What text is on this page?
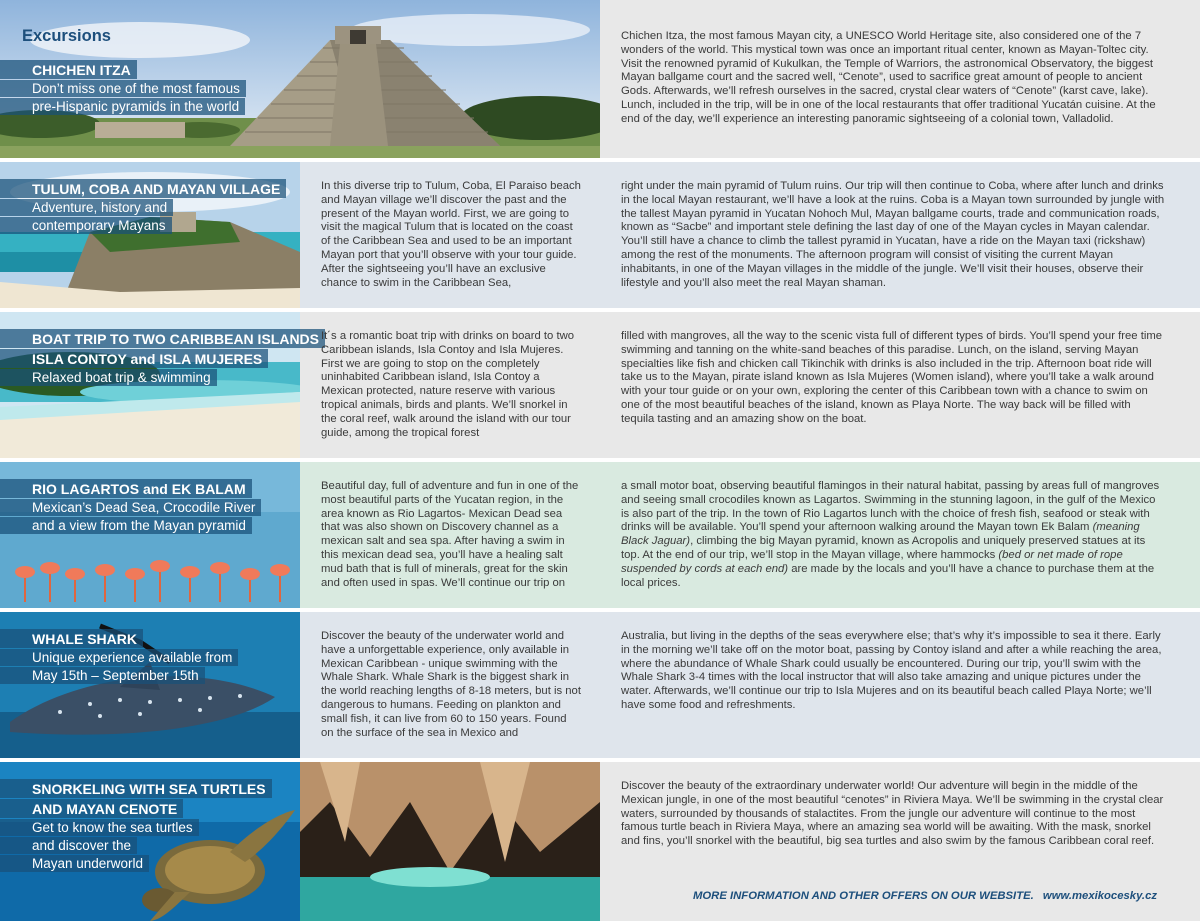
Excursions
CHICHEN ITZA
Don’t miss one of the most famous
pre-Hispanic pyramids in the world
Chichen Itza, the most famous Mayan city, a UNESCO World Heritage site, also considered one of the 7 wonders of the world. This mystical town was once an important ritual center, known as Mayan-Toltec city. Visit the renowned pyramid of Kukulkan, the Temple of Warriors, the astronomical Observatory, the biggest Mayan ballgame court and the sacred well, “Cenote”, used to sacrifice great amount of people to ancient Gods. Afterwards, we’ll refresh ourselves in the sacred, crystal clear waters of “Cenote” (karst cave, lake). Lunch, included in the trip, will be in one of the local restaurants that offer traditional Yucatán cuisine. At the end of the day, we’ll experience an interesting panoramic sightseeing of a colonial town, Valladolid.
TULUM, COBA AND MAYAN VILLAGE
Adventure, history and
contemporary Mayans
In this diverse trip to Tulum, Coba, El Paraiso beach and Mayan village we’ll discover the past and the present of the Mayan world. First, we are going to visit the magical Tulum that is located on the coast of the Caribbean Sea and used to be an important Mayan port that you’ll observe with your tour guide. After the sightseeing you’ll have an exclusive chance to swim in the Caribbean Sea,
right under the main pyramid of Tulum ruins. Our trip will then continue to Coba, where after lunch and drinks in the local Mayan restaurant, we’ll have a look at the ruins. Coba is a Mayan town surrounded by jungle with the tallest Mayan pyramid in Yucatan Nohoch Mul, Mayan ballgame courts, trade and communication roads, known as “Sacbe” and important stele defining the last day of one of the Mayan cycles in Mayan calendar. You’ll still have a chance to climb the tallest pyramid in Yucatan, have a ride on the Mayan taxi (rickshaw) among the rest of the monuments. The afternoon program will consist of visiting the current Mayan inhabitants, in one of the Mayan villages in the middle of the jungle. We’ll visit their houses, observe their lifestyle and you’ll also meet the real Mayan shaman.
BOAT TRIP TO TWO CARIBBEAN ISLANDS
ISLA CONTOY and ISLA MUJERES
Relaxed boat trip & swimming
It´s a romantic boat trip with drinks on board to two Caribbean islands, Isla Contoy and Isla Mujeres. First we are going to stop on the completely uninhabited Caribbean island, Isla Contoy a Mexican protected, nature reserve with various tropical animals, birds and plants. We’ll snorkel in the coral reef, walk around the island with our tour guide, among the tropical forest
filled with mangroves, all the way to the scenic vista full of different types of birds. You’ll spend your free time swimming and tanning on the white-sand beaches of this paradise. Lunch, on the island, serving Mayan specialties like fish and chicken call Tikinchik with drinks is also included in the trip. Afternoon boat ride will take us to the Mayan, pirate island known as Isla Mujeres (Women island), where you’ll take a walk around with your tour guide or on your own, exploring the center of this Caribbean town with a chance to swim on one of the most beautiful beaches of the island, known as Playa Norte. The way back will be filled with tequila tasting and an amazing show on the boat.
RIO LAGARTOS and EK BALAM
Mexican’s Dead Sea, Crocodile River
and a view from the Mayan pyramid
Beautiful day, full of adventure and fun in one of the most beautiful parts of the Yucatan region, in the area known as Rio Lagartos- Mexican Dead sea that was also shown on Discovery channel as a mexican salt and sea spa. After having a swim in this mexican dead sea, you’ll have a healing salt mud bath that is full of minerals, great for the skin and often used in spas. We’ll continue our trip on
a small motor boat, observing beautiful flamingos in their natural habitat, passing by areas full of mangroves and seeing small crocodiles known as Lagartos. Swimming in the stunning lagoon, in the gulf of the Mexico is also part of the trip. In the town of Rio Lagartos lunch with the choice of fresh fish, seafood or steak with drinks will be available. You’ll spend your afternoon walking around the Mayan town Ek Balam (meaning Black Jaguar), climbing the big Mayan pyramid, known as Acropolis and uniquely preserved statues at its top. At the end of our trip, we’ll stop in the Mayan village, where hammocks (bed or net made of rope suspended by cords at each end) are made by the locals and you’ll have a chance to purchase them at the local prices.
WHALE SHARK
Unique experience available from
May 15th – September 15th
Discover the beauty of the underwater world and have a unforgettable experience, only available in Mexican Caribbean - unique swimming with the Whale Shark. Whale Shark is the biggest shark in the world reaching lengths of 8-18 meters, but is not dangerous to humans. Feeding on plankton and small fish, it can live from 60 to 150 years. Found on the surface of the sea in Mexico and
Australia, but living in the depths of the seas everywhere else; that’s why it’s impossible to sea it there. Early in the morning we’ll take off on the motor boat, passing by Contoy island and after a while reaching the area, where the abundance of Whale Shark could usually be encountered. During our trip, you’ll swim with the Whale Shark 3-4 times with the local instructor that will also take amazing and unique pictures under the water. Afterwards, we’ll continue our trip to Isla Mujeres and on its beautiful beach called Playa Norte; we’ll have some food and refreshments.
SNORKELING WITH SEA TURTLES
AND MAYAN CENOTE
Get to know the sea turtles
and discover the
Mayan underworld
Discover the beauty of the extraordinary underwater world! Our adventure will begin in the middle of the Mexican jungle, in one of the most beautiful “cenotes” in Riviera Maya. We’ll be swimming in the crystal clear waters, surrounded by thousands of stalactites. From the jungle our adventure will continue to the most famous turtle beach in Riviera Maya, where an amazing sea world will be awaiting. With the mask, snorkel and fins, you’ll snorkel with the beautiful, big sea turtles and also swim by the famous Caribbean coral reef.
MORE INFORMATION AND OTHER OFFERS ON OUR WEBSITE. www.mexikocesky.cz
